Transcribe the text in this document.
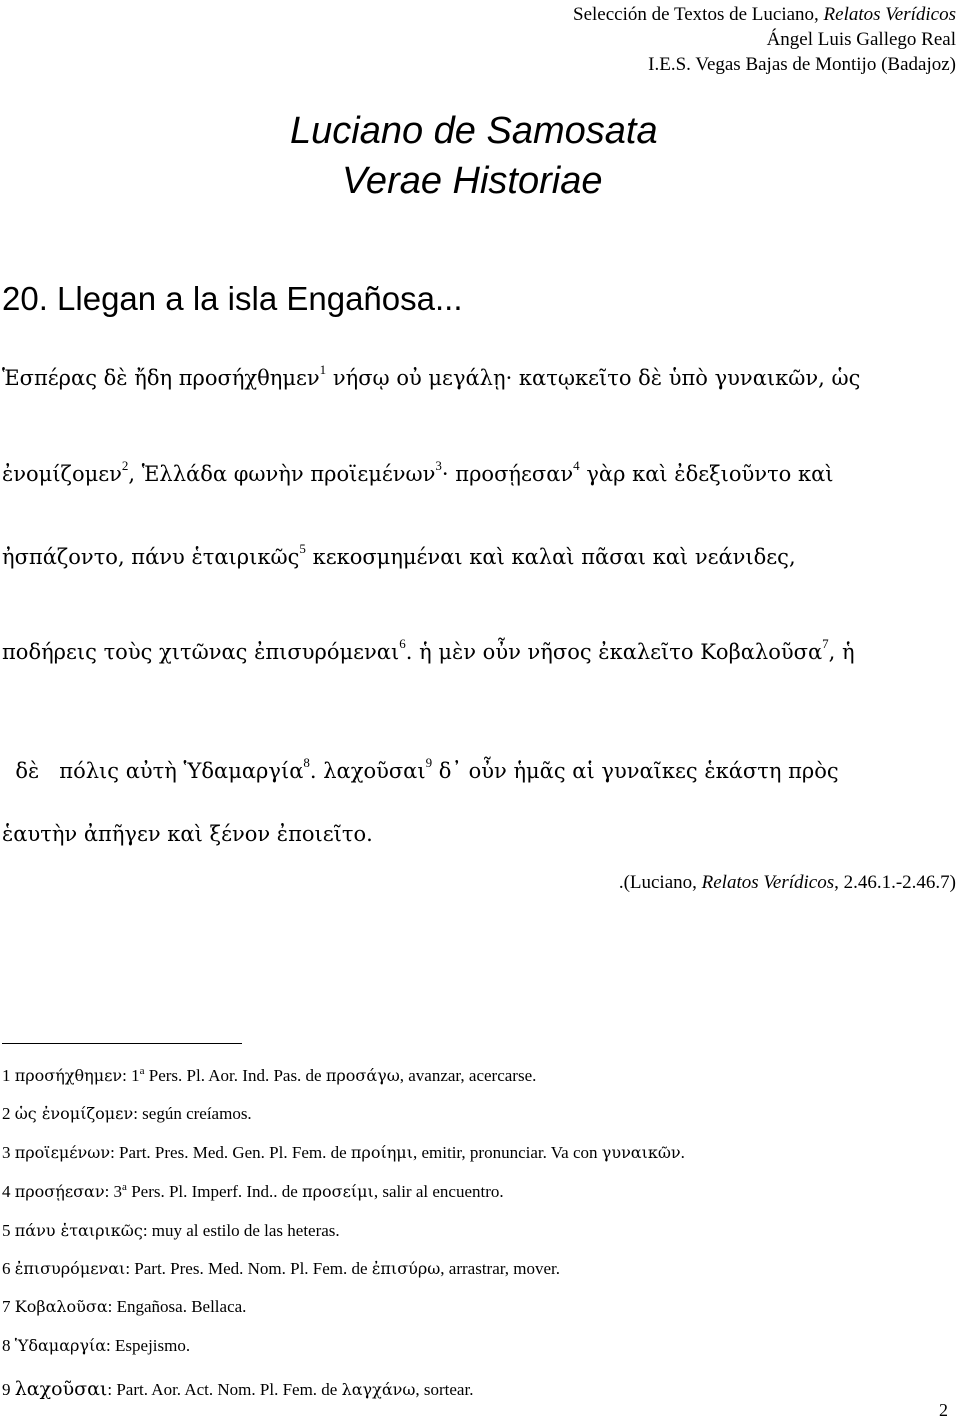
Selección de Textos de Luciano, Relatos Verídicos
Ángel Luis Gallego Real
I.E.S. Vegas Bajas de Montijo (Badajoz)
Luciano de Samosata
Verae Historiae
20. Llegan a la isla Engañosa...
Ἑσπέρας δὲ ἤδη προσήχθημεν$^1$ νήσῳ οὐ μεγάλῃ· κατῳκεῖτο δὲ ὑπὸ γυναικῶν, ὡς
ἐνομίζομεν$^2$, Ἑλλάδα φωνὴν προϊεμένων$^3$· προσῄεσαν$^4$ γὰρ καὶ ἐδεξιοῦντο καὶ
ἠσπάζοντο, πάνυ ἑταιρικῶς$^5$ κεκοσμημέναι καὶ καλαὶ πᾶσαι καὶ νεάνιδες,
ποδήρεις τοὺς χιτῶνας ἐπισυρόμεναι$^6$. ἡ μὲν οὖν νῆσος ἐκαλεῖτο Κοβαλοῦσα$^7$, ἡ

δὲ   πόλις αὐτὴ Ὑδαμαργία$^8$. λαχοῦσαι$^9$ δ᾽ οὖν ἡμᾶς αἱ γυναῖκες ἑκάστη πρὸς

ἑαυτὴν ἀπῆγεν καὶ ξένον ἐποιεῖτο.
.(Luciano, Relatos Verídicos, 2.46.1.-2.46.7)
1 προσήχθημεν: 1$^a$ Pers. Pl. Aor. Ind. Pas. de προσάγω, avanzar, acercarse.
2 ὡς ἐνομίζομεν: según creíamos.
3 προϊεμένων: Part. Pres. Med. Gen. Pl. Fem. de προίημι, emitir, pronunciar. Va con γυναικῶν.
4 προσῄεσαν: 3$^a$ Pers. Pl. Imperf. Ind.. de προσείμι, salir al encuentro.
5 πάνυ ἑταιρικῶς: muy al estilo de las heteras.
6 ἐπισυρόμεναι: Part. Pres. Med. Nom. Pl. Fem. de ἐπισύρω, arrastrar, mover.
7 Κοβαλοῦσα: Engañosa. Bellaca.
8 Ὑδαμαργία: Espejismo.
9 λαχοῦσαι: Part. Aor. Act. Nom. Pl. Fem. de λαγχάνω, sortear.
2
